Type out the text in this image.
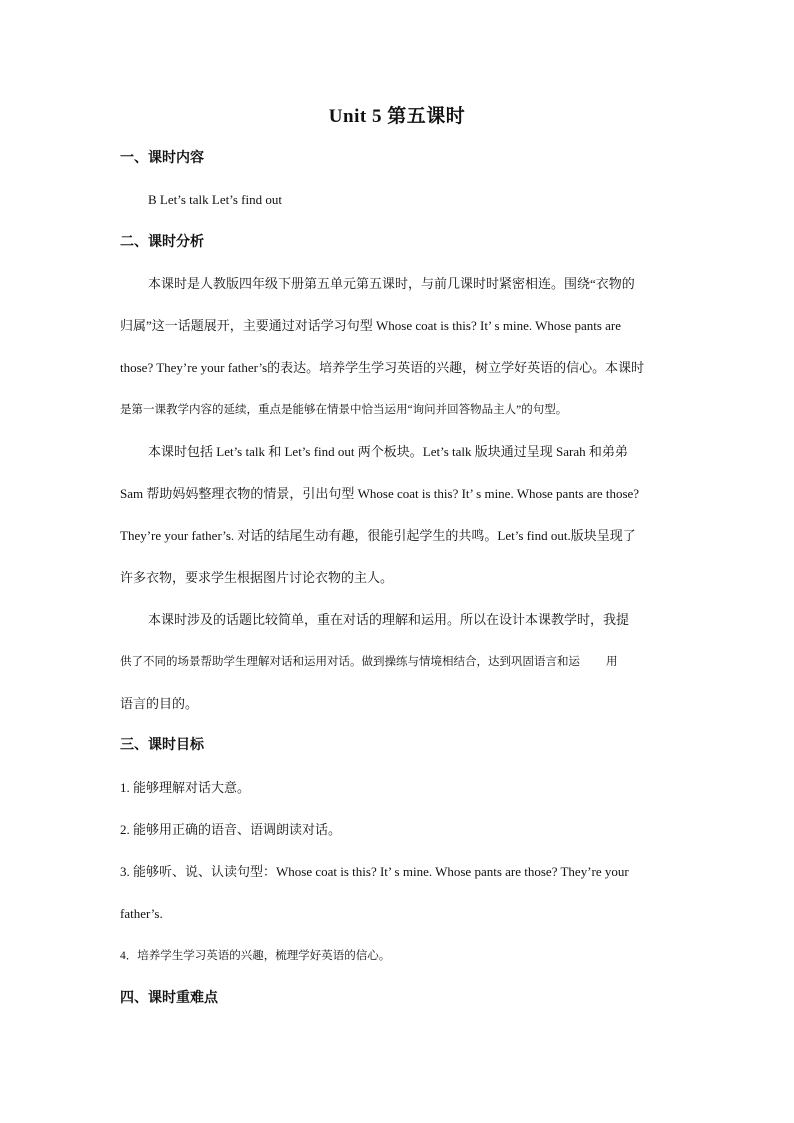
Unit 5 第五课时
一、课时内容
B Let’s talk Let’s find out
二、课时分析
本课时是人教版四年级下册第五单元第五课时，与前几课时时紧密相连。围绕“衣物的
归属”这一话题展开，主要通过对话学习句型 Whose coat is this? It’ s mine. Whose pants are
those? They’re your father’s的表达。培养学生学习英语的兴趣，树立学好英语的信心。本课时
是第一课教学内容的延续，重点是能够在情景中恰当运用“询问并回答物品主人”的句型。
本课时包括 Let’s talk 和 Let’s find out 两个板块。Let’s talk 版块通过呈现 Sarah 和弟弟
Sam 帮助妈妈整理衣物的情景，引出句型 Whose coat is this? It’ s mine. Whose pants are those?
They’re your father’s. 对话的结尾生动有趣，很能引起学生的共鸣。Let’s find out.版块呈现了
许多衣物，要求学生根据图片讨论衣物的主人。
本课时涉及的话题比较简单，重在对话的理解和运用。所以在设计本课教学时，我提
供了不同的场景帮助学生理解对话和运用对话。做到操练与情境相结合，达到巩固语言和运 用
语言的目的。
三、课时目标
1. 能够理解对话大意。
2. 能够用正确的语音、语调朗读对话。
3. 能够听、说、认读句型：Whose coat is this? It’ s mine. Whose pants are those? They’re your
father’s.
4．培养学生学习英语的兴趣，梳理学好英语的信心。
四、课时重难点
